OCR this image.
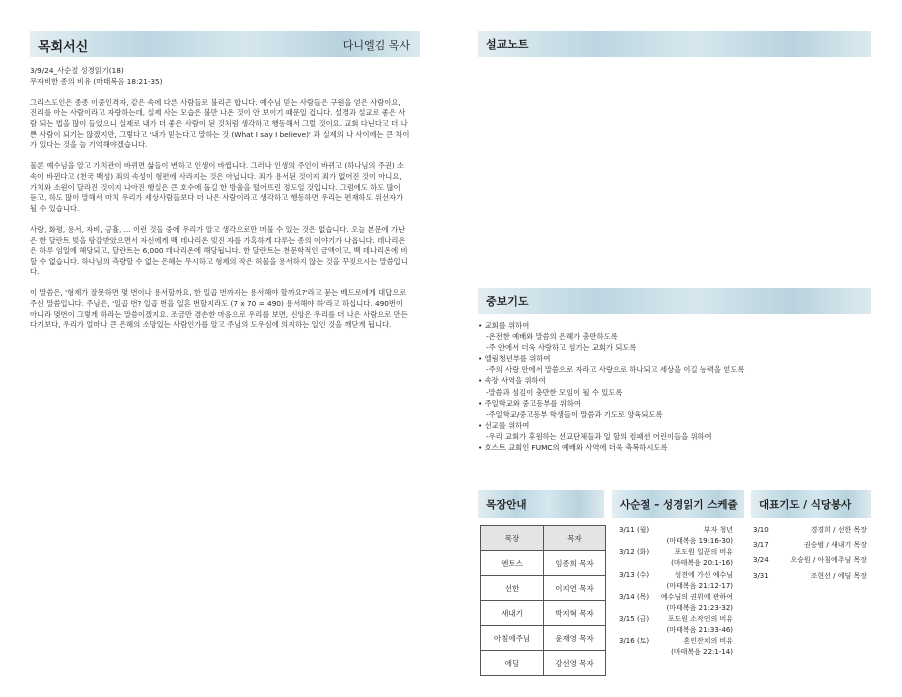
목회서신	다니엘김 목사
3/9/24_사순절 성경읽기(18)
무자비한 종의 비유 (마태복음 18:21-35)

그리스도인은 종종 이중인격자, 같은 속에 다른 사람들로 불리곤 합니다. 예수님 믿는 사람들은 구원을 얻은 사람이요, 진리를 아는 사람이라고 자랑하는데, 실제 사는 모습은 불만 나온 것이 안 보이기 때문일 겁니다. 설경과 설교로 좋은 사람 되는 법을 많이 들었으니 실제로 내가 더 좋은 사람이 된 것처럼 생각하고 행동해서 그럴 것이요. 교회 다닌다고 더 나쁜 사람이 되기는 않겠지만, 그렇다고 '내가 믿는다고 말하는 것 (What I say I believe)' 과 실제의 나 사이에는 큰 차이가 있다는 것을 늘 기억해야겠습니다.

물론 예수님을 알고 가치관이 바뀌면 삶들이 변하고 인생이 바뀝니다. 그러나 인생의 주인이 바뀌고 (하나님의 주권) 소속이 바뀐다고 (천국 백성) 죄의 속성이 형편에 사라지는 것은 아닙니다. 죄가 용서된 것이지 죄가 없어진 것이 아니요, 가치와 소원이 달라진 것이지 나아진 행실은 큰 호수에 돌길 한 방울을 떨어뜨린 정도일 것입니다. 그럼에도 하도 많이 듣고, 하도 많이 말해서 마치 우리가 세상사람들보다 더 나은 사람이라고 생각하고 행동하면 우리는 편재하도 위선자가 될 수 있습니다.

사랑, 화평, 용서, 자비, 긍휼, ... 이런 것들 중에 우리가 알고 생각으로만 머물 수 있는 것은 없습니다. 오늘 본문에 가난은 한 달란트 빚을 탕감받았으면서 자신에게 백 데나리온 빚진 자를 가혹하게 다루는 종의 이야기가 나옵니다. 데나리온은 하루 임일에 해당되고, 달란트는 6,000 데나리온에 해당됩니다. 한 달란트는 천문학적인 금액이고, 백 데나리온에 비할 수 없습니다. 하나님의 측량할 수 없는 은혜는 무시하고 형제의 작은 허물을 용서하지 않는 것을 꾸짖으시는 말씀입니다.

이 말씀은, '형제가 잘못하면 몇 번이나 용서할까요, 한 일곱 번까지는 용서해야 할까요?'라고 묻는 베드로에게 대답으로 주신 말씀입니다. 주님은, '일곱 번? 일곱 번을 일흔 번할지라도 (7 x 70 = 490) 용서해야 하'라고 하십니다. 490번이 아니라 몇번이 그렇게 하라는 말씀이겠지요. 조금만 겸손한 마음으로 우리를 보면, 신앙은 우리를 더 나은 사람으로 만든다기보다, 우리가 얼마나 큰 은혜의 소망있는 사람인가를 알고 주님의 도우심에 의지하는 일인 것을 깨닫게 됩니다.

설교노트
중보기도
• 교회를 위하여
-온전한 예배와 말씀의 은혜가 충만하도록
-주 안에서 더욱 사랑하고 섬기는 교회가 되도록
• 엘림청년부를 위하여
-주의 사랑 안에서 말씀으로 자라고 사랑으로 하나되고 세상을 이길 능력을 얻도록
• 속장 사역을 위하여
-말씀과 섬김이 충만한 모임이 될 수 있도록
• 주일학교와 중고등부를 위하여
-주일학교/중고등부 학생들이 말씀과 기도로 양육되도록
• 선교를 위하여
-우리 교회가 후원하는 선교단체들과 일 할의 컴패션 어린이들을 위하여
• 호스트 교회인 FUMC의 예배와 사역에 더욱 축복하시도록
목장안내	사순절 – 성경읽기 스케쥴 대표기도 / 식당봉사
목장	목자
엔토스	임종희 목자
선한	이지연 목자
새내기	박지혁 목자
아침에주님	윤재영 목자
에딤	강선영 목자
3/11 (월)	부자 청년
(마태복음 19:16-30)
3/12 (화)	포도원 일꾼의 비유
(마태복음 20:1-16)
3/13 (수)	성전에 가신 예수님
(마태복음 21:12-17)
3/14 (목) 예수님의 권위에 관하여
(마태복음 21:23-32)
3/15 (금)	포도원 소작인의 비유
(마태복음 21:33-46)
3/16 (토)	혼인잔치의 비유
(마태복음 22:1-14)
3/10	경경희 / 선한 목장
3/17	권승범 / 새내기 목장
3/24	오승원 / 아침에주님 목장
3/31	조현선 / 에딤 목장
